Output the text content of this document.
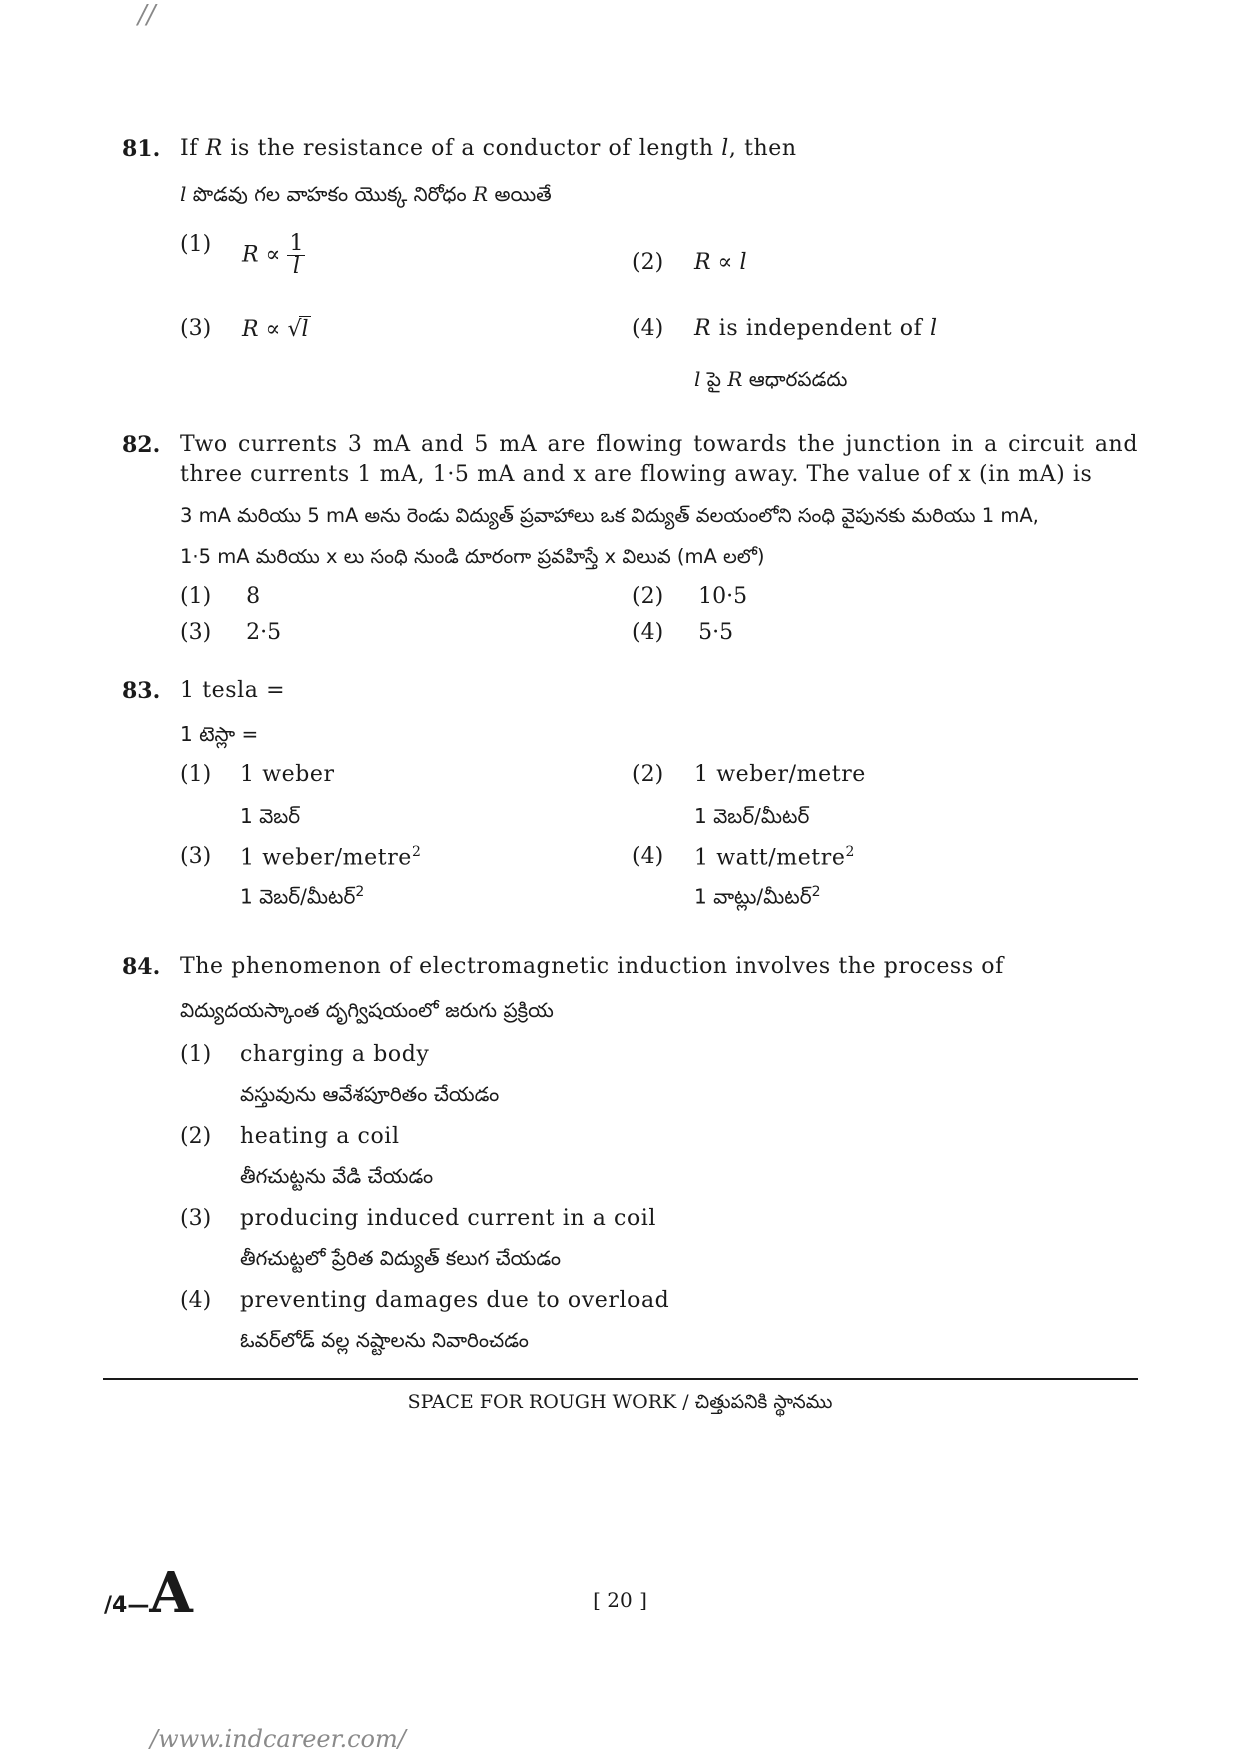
//
81. If R is the resistance of a conductor of length l, then
l పొడవు గల వాహకం యొక్క నిరోధం R అయితే
(1) $R \propto \frac{1}{l}$	(2) R ∝ l
(3) R ∝ √l	(4) R is independent of l
l పై R ఆధారపడదు
82. Two currents 3 mA and 5 mA are flowing towards the junction in a circuit and three currents 1 mA, 1·5 mA and x are flowing away. The value of x (in mA) is
3 mA మరియు 5 mA అను రెండు విద్యుత్ ప్రవాహాలు ఒక విద్యుత్ వలయంలోని సంధి వైపునకు మరియు 1 mA,
1·5 mA మరియు x లు సంధి నుండి దూరంగా ప్రవహిస్తే x విలువ (mA లలో)
(1) 8	(2) 10·5
(3) 2·5	(4) 5·5
83. 1 tesla =
1 టెస్లా =
(1) 1 weber
1 వెబర్
(2) 1 weber/metre
1 వెబర్/మీటర్
(3) 1 weber/metre$^2$
1 వెబర్/మీటర్$^2$
(4) 1 watt/metre$^2$
1 వాట్లు/మీటర్$^2$
84. The phenomenon of electromagnetic induction involves the process of
విద్యుదయస్కాంత దృగ్విషయంలో జరుగు ప్రక్రియ
(1) charging a body
వస్తువును ఆవేశపూరితం చేయడం
(2) heating a coil
తీగచుట్టను వేడి చేయడం
(3) producing induced current in a coil
తీగచుట్టలో ప్రేరిత విద్యుత్ కలుగ చేయడం
(4) preventing damages due to overload
ఓవర్‌లోడ్ వల్ల నష్టాలను నివారించడం
SPACE FOR ROUGH WORK / చిత్తుపనికి స్థానము
/4—A	[ 20 ]
/www.indcareer.com/
